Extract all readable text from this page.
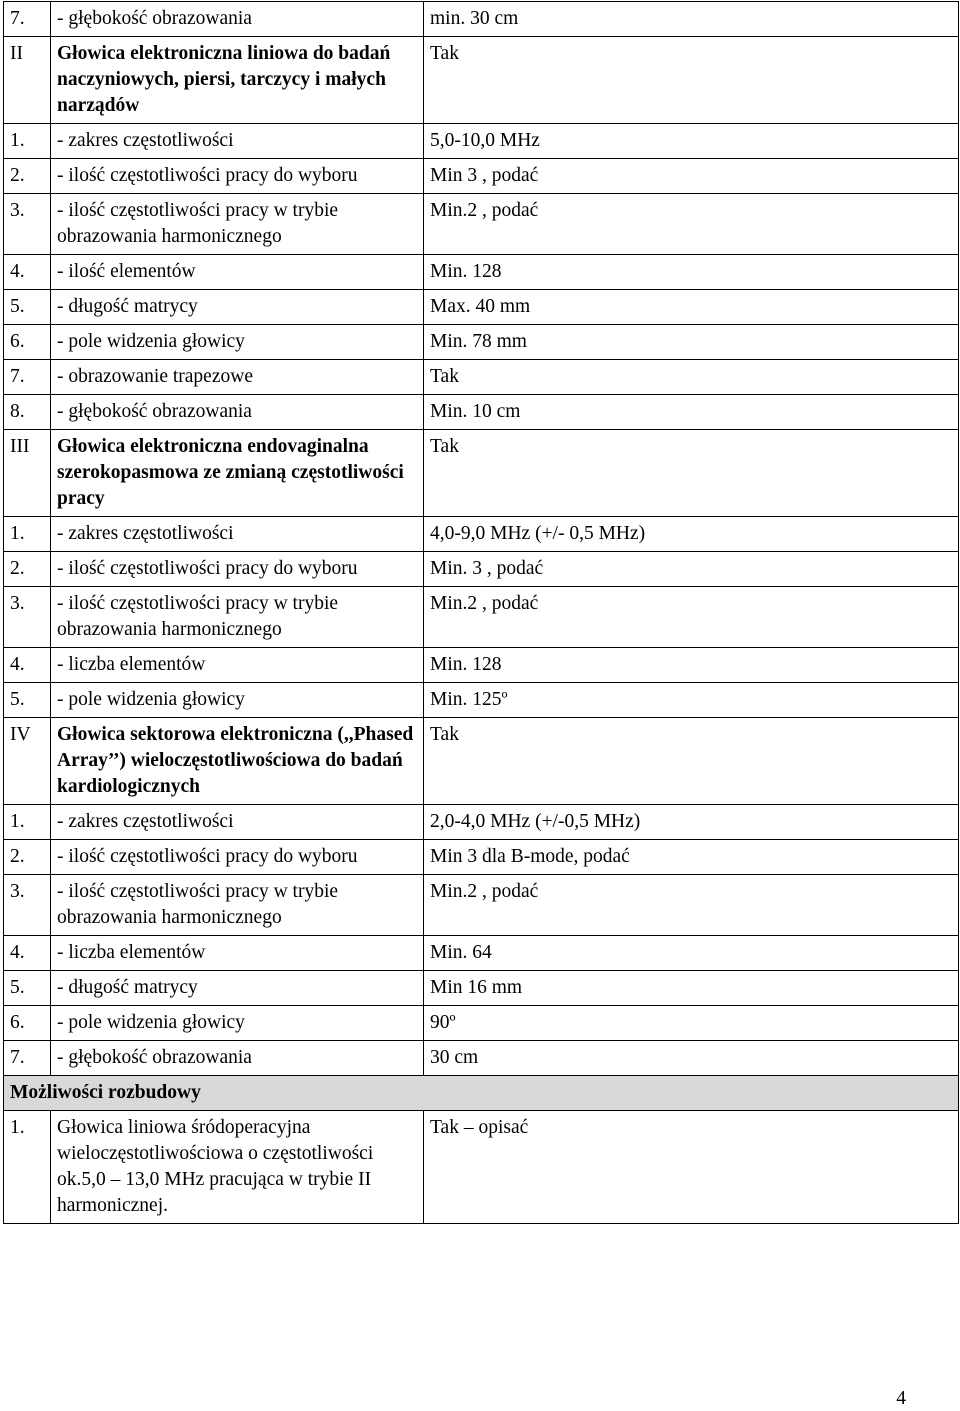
7.	- głębokość obrazowania	min. 30 cm
II	Głowica elektroniczna liniowa do badań naczyniowych, piersi, tarczycy i małych narządów	Tak
1.	- zakres częstotliwości	5,0-10,0 MHz
2.	- ilość częstotliwości pracy do wyboru	Min 3 , podać
3.	- ilość częstotliwości pracy w trybie obrazowania harmonicznego	Min.2 , podać
4.	- ilość elementów	Min. 128
5.	- długość matrycy	Max. 40 mm
6.	- pole widzenia głowicy	Min. 78 mm
7.	- obrazowanie trapezowe	Tak
8.	- głębokość obrazowania	Min. 10 cm
III	Głowica elektroniczna endovaginalna szerokopasmowa ze zmianą częstotliwości pracy	Tak
1.	- zakres częstotliwości	4,0-9,0 MHz (+/- 0,5 MHz)
2.	- ilość częstotliwości pracy do wyboru	Min. 3 , podać
3.	- ilość częstotliwości pracy w trybie obrazowania harmonicznego	Min.2 , podać
4.	- liczba elementów	Min. 128
5.	- pole widzenia głowicy	Min. 125º
IV	Głowica sektorowa elektroniczna (,,Phased Array’’) wieloczęstotliwościowa do badań kardiologicznych	Tak
1.	- zakres częstotliwości	2,0-4,0 MHz (+/-0,5 MHz)
2.	- ilość częstotliwości pracy do wyboru	Min 3 dla B-mode, podać
3.	- ilość częstotliwości pracy w trybie obrazowania harmonicznego	Min.2 , podać
4.	- liczba elementów	Min. 64
5.	- długość matrycy	Min 16 mm
6.	- pole widzenia głowicy	90º
7.	- głębokość obrazowania	30 cm
Możliwości rozbudowy		
1.	Głowica liniowa śródoperacyjna wieloczęstotliwościowa o częstotliwości ok.5,0 – 13,0 MHz pracująca w trybie II harmonicznej.	Tak – opisać
4
